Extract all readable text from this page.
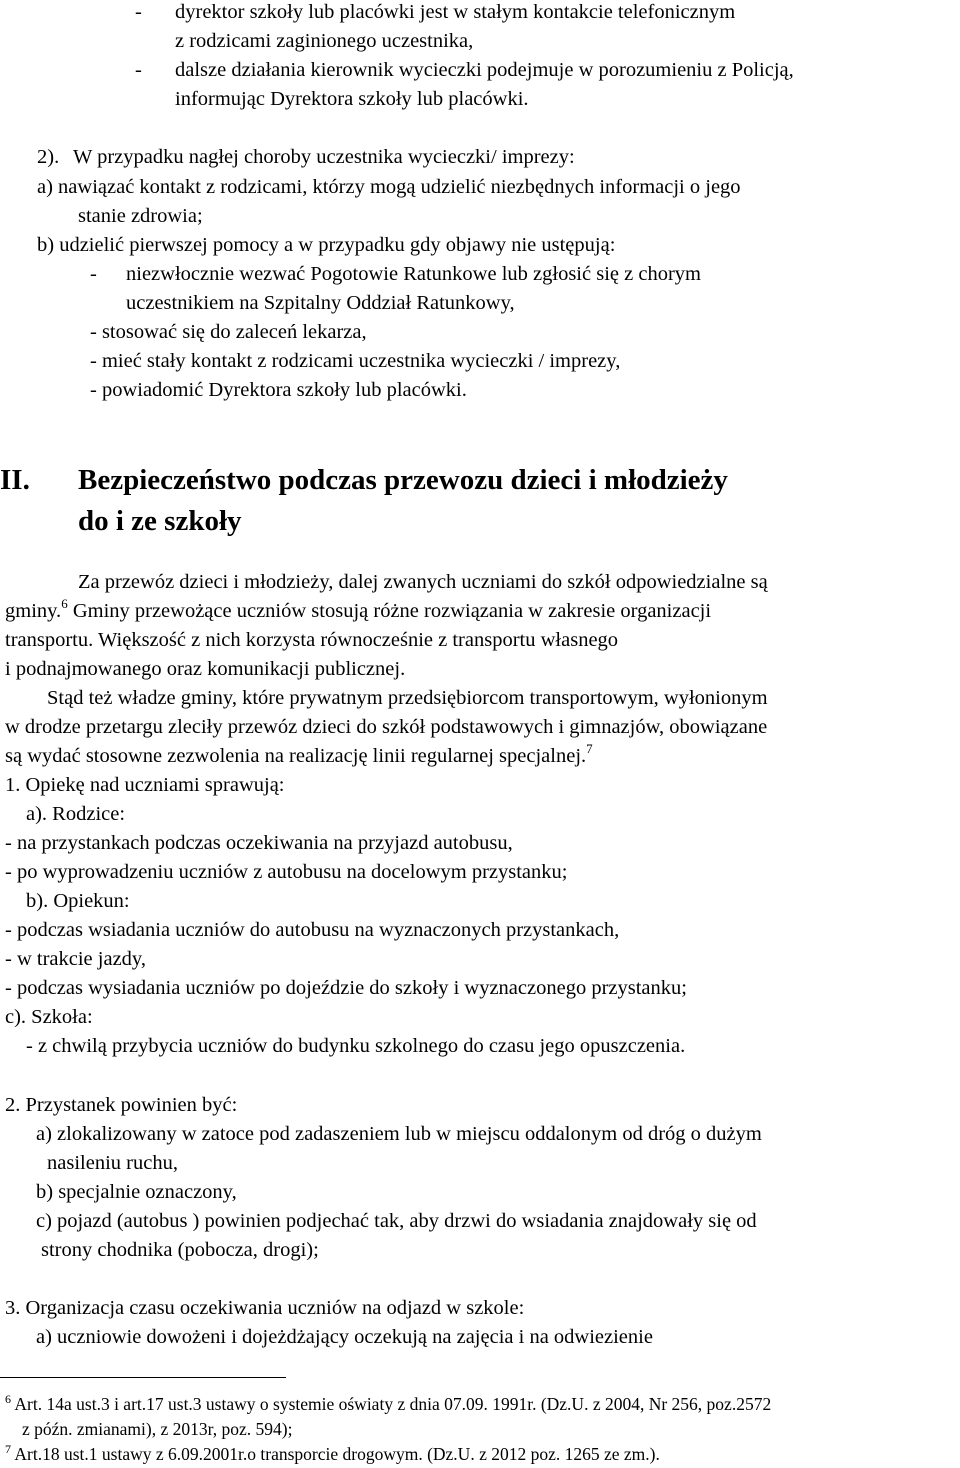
- dyrektor szkoły lub placówki jest w stałym kontakcie telefonicznym
z rodzicami zaginionego uczestnika,
- dalsze działania kierownik wycieczki podejmuje w porozumieniu z Policją,
informując Dyrektora szkoły lub placówki.
2). W przypadku nagłej choroby uczestnika wycieczki/ imprezy:
a) nawiązać kontakt z rodzicami, którzy mogą udzielić niezbędnych informacji o jego
stanie zdrowia;
b) udzielić pierwszej pomocy a w przypadku gdy objawy nie ustępują:
- niezwłocznie wezwać Pogotowie Ratunkowe lub zgłosić się z chorym
uczestnikiem na Szpitalny Oddział Ratunkowy,
- stosować się do zaleceń lekarza,
- mieć stały kontakt z rodzicami uczestnika wycieczki / imprezy,
- powiadomić Dyrektora szkoły lub placówki.
II. Bezpieczeństwo podczas przewozu dzieci i młodzieży
do i ze szkoły
Za przewóz dzieci i młodzieży, dalej zwanych uczniami do szkół odpowiedzialne są
gminy.$^6$ Gminy przewożące uczniów stosują różne rozwiązania w zakresie organizacji
transportu. Większość z nich korzysta równocześnie z transportu własnego
i podnajmowanego oraz komunikacji publicznej.
Stąd też władze gminy, które prywatnym przedsiębiorcom transportowym, wyłonionym
w drodze przetargu zleciły przewóz dzieci do szkół podstawowych i gimnazjów, obowiązane
są wydać stosowne zezwolenia na realizację linii regularnej specjalnej.$^7$
1. Opiekę nad uczniami sprawują:
a). Rodzice:
- na przystankach podczas oczekiwania na przyjazd autobusu,
- po wyprowadzeniu uczniów z autobusu na docelowym przystanku;
b). Opiekun:
- podczas wsiadania uczniów do autobusu na wyznaczonych przystankach,
- w trakcie jazdy,
- podczas wysiadania uczniów po dojeździe do szkoły i wyznaczonego przystanku;
c). Szkoła:
- z chwilą przybycia uczniów do budynku szkolnego do czasu jego opuszczenia.
2. Przystanek powinien być:
a) zlokalizowany w zatoce pod zadaszeniem lub w miejscu oddalonym od dróg o dużym
nasileniu ruchu,
b) specjalnie oznaczony,
c) pojazd (autobus ) powinien podjechać tak, aby drzwi do wsiadania znajdowały się od
strony chodnika (pobocza, drogi);
3. Organizacja czasu oczekiwania uczniów na odjazd w szkole:
a) uczniowie dowożeni i dojeżdżający oczekują na zajęcia i na odwiezienie
$^6$ Art. 14a ust.3 i art.17 ust.3 ustawy o systemie oświaty z dnia 07.09. 1991r. (Dz.U. z 2004, Nr 256, poz.2572
z późn. zmianami), z 2013r, poz. 594);
$^7$ Art.18 ust.1 ustawy z 6.09.2001r.o transporcie drogowym. (Dz.U. z 2012 poz. 1265 ze zm.).
